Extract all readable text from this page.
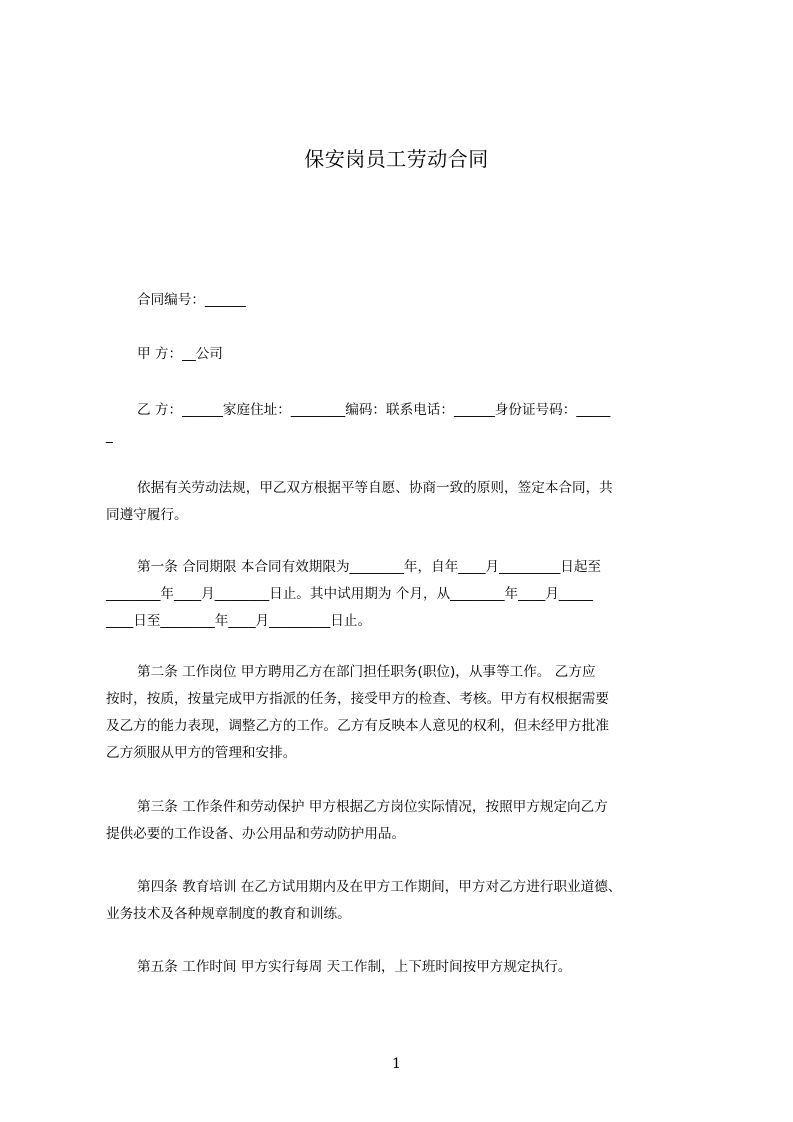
保安岗员工劳动合同
合同编号：______
甲 方：__公司
乙 方：______家庭住址：________编码：联系电话：______身份证号码：_____
_
依据有关劳动法规，甲乙双方根据平等自愿、协商一致的原则，签定本合同，共
同遵守履行。
第一条 合同期限 本合同有效期限为________年，自年____月_________日起至
________年____月________日止。其中试用期为 个月，从________年____月_____
____日至________年____月_________日止。
第二条 工作岗位 甲方聘用乙方在部门担任职务(职位)，从事等工作。 乙方应
按时，按质，按量完成甲方指派的任务，接受甲方的检查、考核。甲方有权根据需要
及乙方的能力表现，调整乙方的工作。乙方有反映本人意见的权利，但未经甲方批准
乙方须服从甲方的管理和安排。
第三条 工作条件和劳动保护 甲方根据乙方岗位实际情况，按照甲方规定向乙方
提供必要的工作设备、办公用品和劳动防护用品。
第四条 教育培训 在乙方试用期内及在甲方工作期间，甲方对乙方进行职业道德、
业务技术及各种规章制度的教育和训练。
第五条 工作时间 甲方实行每周 天工作制，上下班时间按甲方规定执行。
1
